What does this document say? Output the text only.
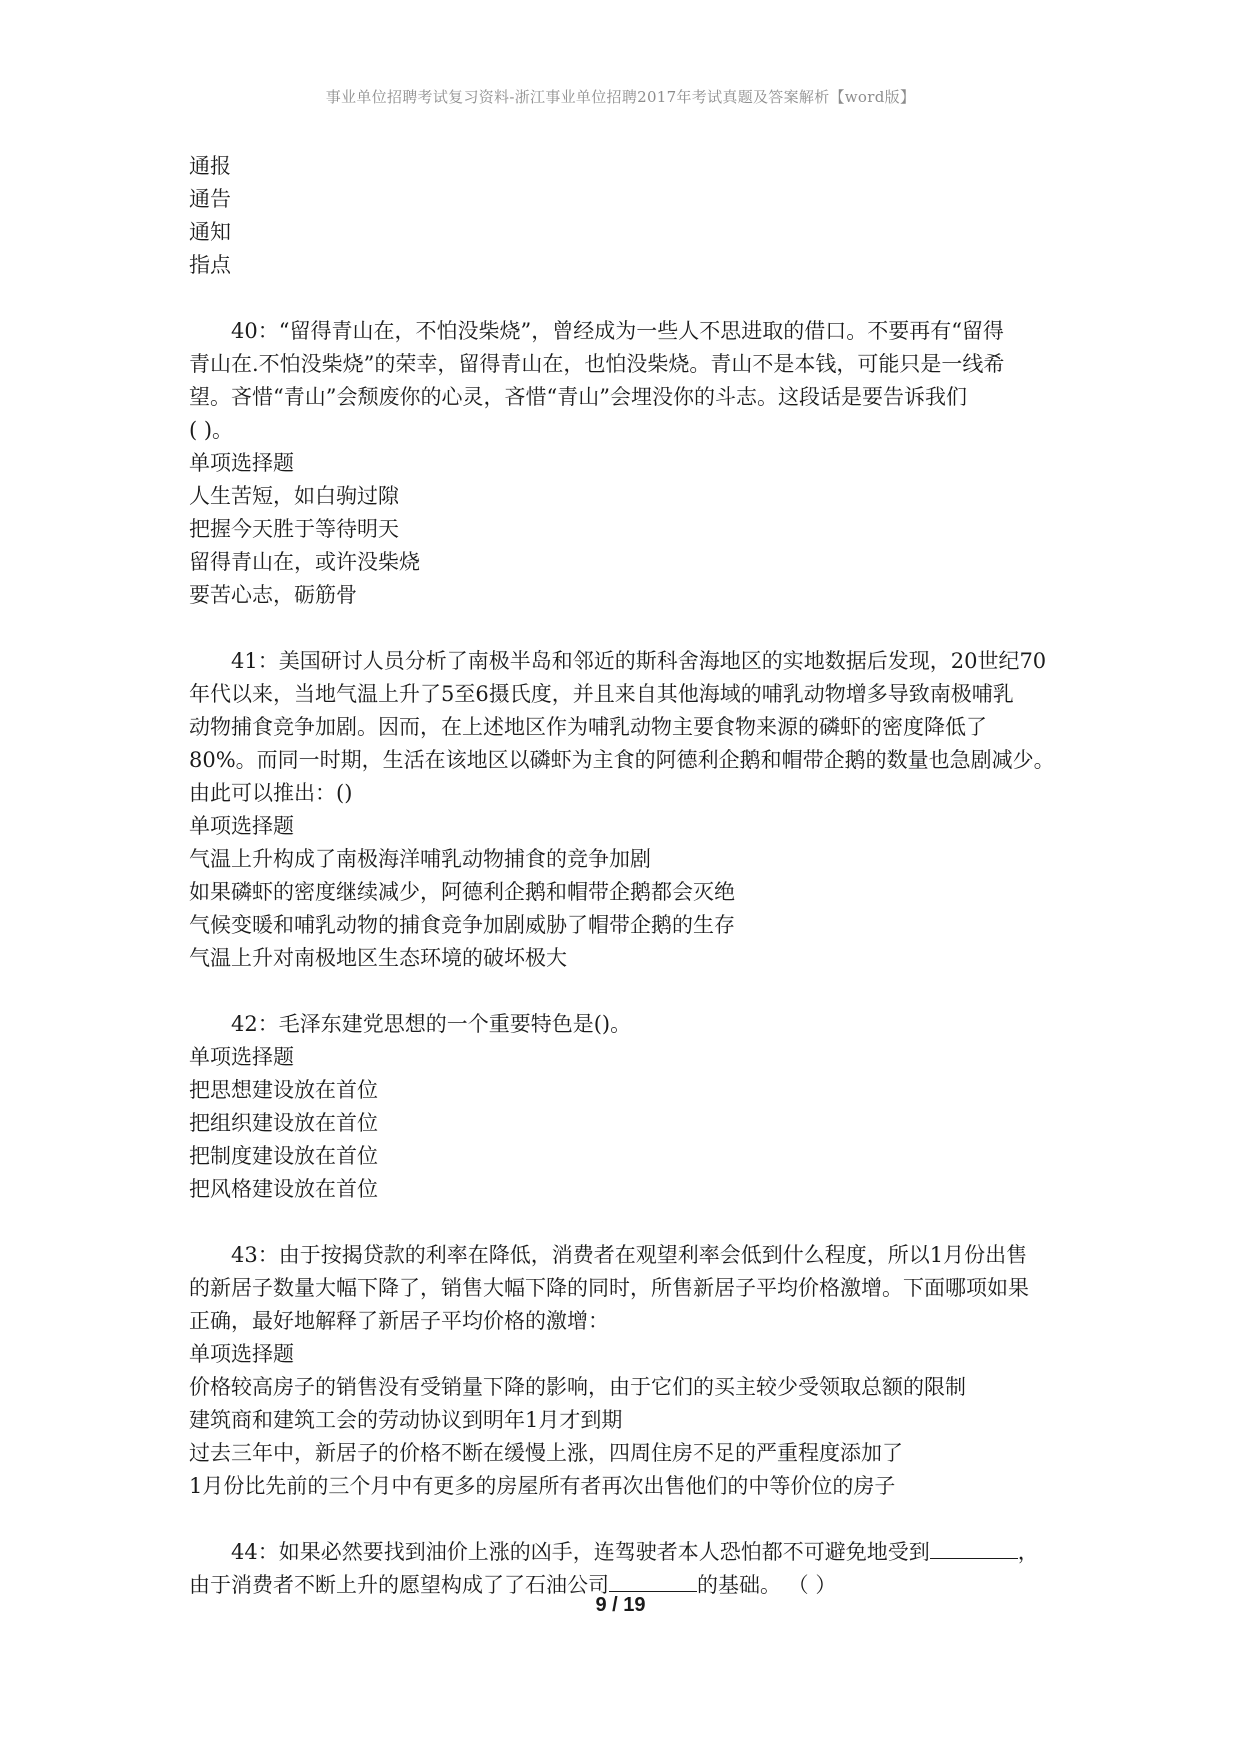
事业单位招聘考试复习资料-浙江事业单位招聘2017年考试真题及答案解析【word版】
通报
通告
通知
指点
40：“留得青山在，不怕没柴烧”，曾经成为一些人不思进取的借口。不要再有“留得
青山在.不怕没柴烧”的荣幸，留得青山在，也怕没柴烧。青山不是本钱，可能只是一线希
望。吝惜“青山”会颓废你的心灵，吝惜“青山”会埋没你的斗志。这段话是要告诉我们
( )。
单项选择题
人生苦短，如白驹过隙
把握今天胜于等待明天
留得青山在，或许没柴烧
要苦心志，砺筋骨
41：美国研讨人员分析了南极半岛和邻近的斯科舍海地区的实地数据后发现，20世纪70
年代以来，当地气温上升了5至6摄氏度，并且来自其他海域的哺乳动物增多导致南极哺乳
动物捕食竞争加剧。因而，在上述地区作为哺乳动物主要食物来源的磷虾的密度降低了
80%。而同一时期，生活在该地区以磷虾为主食的阿德利企鹅和帽带企鹅的数量也急剧减少。
由此可以推出：()
单项选择题
气温上升构成了南极海洋哺乳动物捕食的竞争加剧
如果磷虾的密度继续减少，阿德利企鹅和帽带企鹅都会灭绝
气候变暖和哺乳动物的捕食竞争加剧威胁了帽带企鹅的生存
气温上升对南极地区生态环境的破坏极大
42：毛泽东建党思想的一个重要特色是()。
单项选择题
把思想建设放在首位
把组织建设放在首位
把制度建设放在首位
把风格建设放在首位
43：由于按揭贷款的利率在降低，消费者在观望利率会低到什么程度，所以1月份出售
的新居子数量大幅下降了，销售大幅下降的同时，所售新居子平均价格激增。下面哪项如果
正确，最好地解释了新居子平均价格的激增：
单项选择题
价格较高房子的销售没有受销量下降的影响，由于它们的买主较少受领取总额的限制
建筑商和建筑工会的劳动协议到明年1月才到期
过去三年中，新居子的价格不断在缓慢上涨，四周住房不足的严重程度添加了
1月份比先前的三个月中有更多的房屋所有者再次出售他们的中等价位的房子
44：如果必然要找到油价上涨的凶手，连驾驶者本人恐怕都不可避免地受到	，
由于消费者不断上升的愿望构成了了石油公司	的基础。 （ ）
9 / 19
